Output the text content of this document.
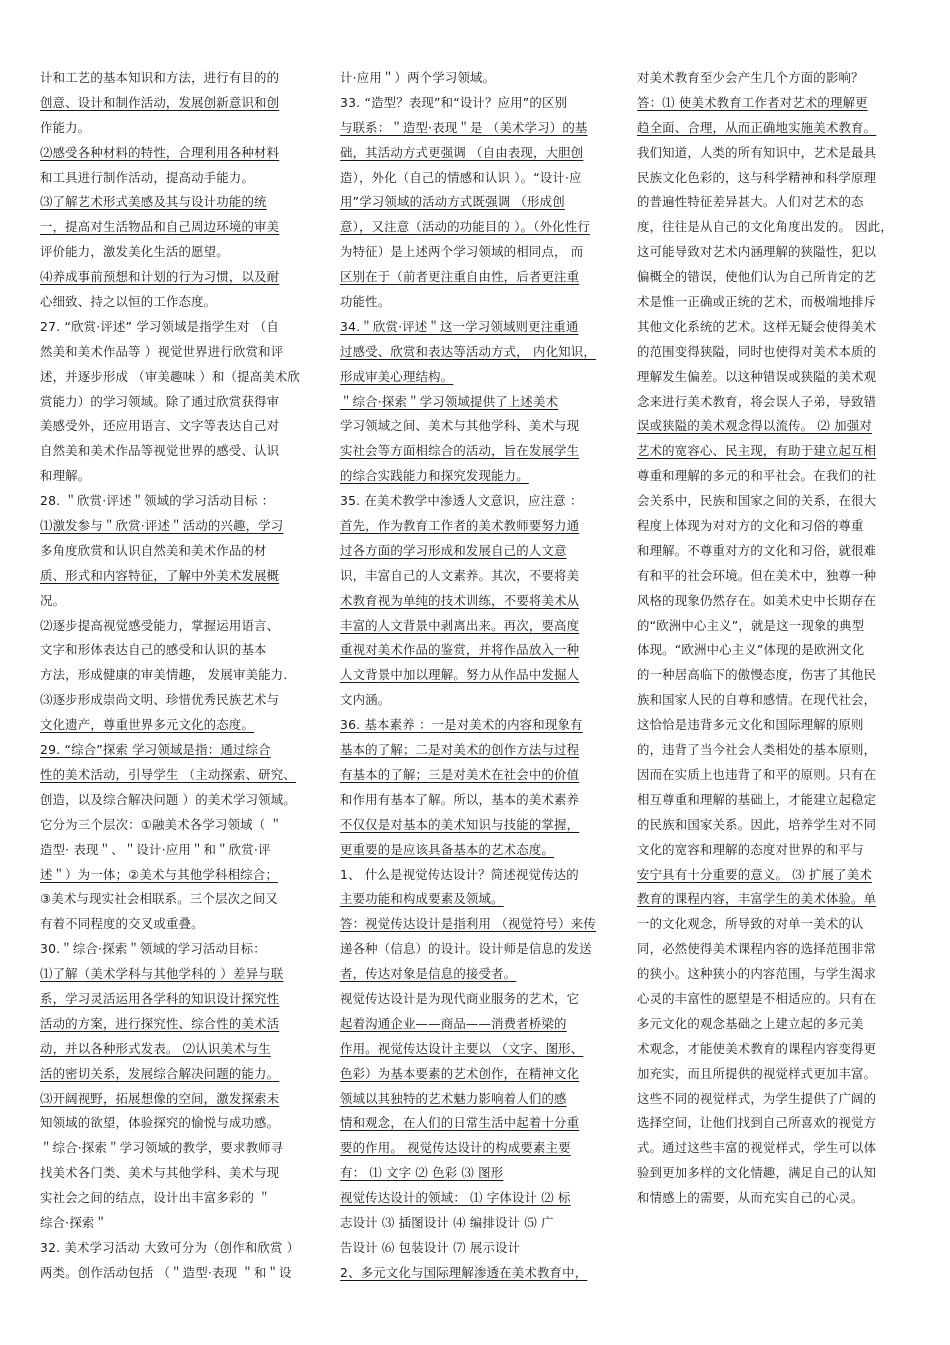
计和工艺的基本知识和方法，进行有目的的
创意、设计和制作活动，发展创新意识和创
作能力。
⑵感受各种材料的特性，合理利用各种材料
和工具进行制作活动，提高动手能力。
⑶了解艺术形式美感及其与设计功能的统
一，提高对生活物品和自己周边环境的审美
评价能力，激发美化生活的愿望。
⑷养成事前预想和计划的行为习惯，以及耐
心细致、持之以恒的工作态度。
27. “欣赏·评述” 学习领域是指学生对 （自
然美和美术作品等 ）视觉世界进行欣赏和评
述，并逐步形成 （审美趣味 ）和（提高美术欣
赏能力）的学习领域。除了通过欣赏获得审
美感受外，还应用语言、文字等表达自己对
自然美和美术作品等视觉世界的感受、认识
和理解。
28. ＂欣赏·评述＂领域的学习活动目标 ：
⑴激发参与＂欣赏·评述＂活动的兴趣，学习
多角度欣赏和认识自然美和美术作品的材
质、形式和内容特征，了解中外美术发展概
况。
⑵逐步提高视觉感受能力，掌握运用语言、
文字和形体表达自己的感受和认识的基本
方法，形成健康的审美情趣， 发展审美能力．
⑶逐步形成崇尚文明、珍惜优秀民族艺术与
文化遗产，尊重世界多元文化的态度。
29. “综合”探索 学习领域是指：通过综合
性的美术活动，引导学生 （主动探索、研究、
创造，以及综合解决问题 ）的美术学习领域。
它分为三个层次：①融美术各学习领域（ ＂
造型· 表现＂、＂设计·应用＂和＂欣赏·评
述＂）为一体；②美术与其他学科相综合；
③美术与现实社会相联系。三个层次之间又
有着不同程度的交叉或重叠。
30.＂综合·探索＂领域的学习活动目标：
⑴了解（美术学科与其他学科的 ）差异与联
系，学习灵活运用各学科的知识设计探究性
活动的方案，进行探究性、综合性的美术活
动，并以各种形式发表。 ⑵认识美术与生
活的密切关系，发展综合解决问题的能力。
⑶开阔视野，拓展想像的空间，激发探索未
知领域的欲望，体验探究的愉悦与成功感。
＂综合·探索＂学习领域的教学，要求教师寻
找美术各门类、美术与其他学科、美术与现
实社会之间的结点，设计出丰富多彩的 ＂
综合·探索＂
32. 美术学习活动 大致可分为（创作和欣赏 ）
两类。创作活动包括 （＂造型·表现 ＂和＂设
计·应用＂）两个学习领域。
33. “造型？表现”和“设计？应用”的区别
与联系：＂造型·表现＂是 （美术学习）的基
础，其活动方式更强调 （自由表现，大胆创
造），外化（自己的情感和认识 ）。“设计·应
用”学习领域的活动方式既强调 （形成创
意），又注意（活动的功能目的 ）。（外化性行
为特征）是上述两个学习领域的相同点， 而
区别在于（前者更注重自由性，后者更注重
功能性。
34.＂欣赏·评述＂这一学习领域则更注重通
过感受、欣赏和表达等活动方式， 内化知识，
形成审美心理结构。
＂综合·探索＂学习领域提供了上述美术
学习领域之间、美术与其他学科、美术与现
实社会等方面相综合的活动，旨在发展学生
的综合实践能力和探究发现能力。
35. 在美术教学中渗透人文意识，应注意 ：
首先，作为教育工作者的美术教师要努力通
过各方面的学习形成和发展自己的人文意
识，丰富自己的人文素养。其次，不要将美
术教育视为单纯的技术训练，不要将美术从
丰富的人文背景中剥离出来。再次，要高度
重视对美术作品的鉴赏，并将作品放入一种
人文背景中加以理解。努力从作品中发掘人
文内涵。
36. 基本素养 ：一是对美术的内容和现象有
基本的了解；二是对美术的创作方法与过程
有基本的了解；三是对美术在社会中的价值
和作用有基本了解。所以，基本的美术素养
不仅仅是对基本的美术知识与技能的掌握，
更重要的是应该具备基本的艺术态度。
1、 什么是视觉传达设计？简述视觉传达的
主要功能和构成要素及领域。
答：视觉传达设计是指利用 （视觉符号）来传
递各种（信息）的设计。设计师是信息的发送
者，传达对象是信息的接受者。
视觉传达设计是为现代商业服务的艺术，它
起着沟通企业——商品——消费者桥梁的
作用。视觉传达设计主要以 （文字、图形、
色彩）为基本要素的艺术创作，在精神文化
领域以其独特的艺术魅力影响着人们的感
情和观念，在人们的日常生活中起着十分重
要的作用。 视觉传达设计的构成要素主要
有： ⑴ 文字 ⑵ 色彩 ⑶ 图形
视觉传达设计的领域： ⑴ 字体设计 ⑵ 标
志设计 ⑶ 插图设计 ⑷ 编排设计 ⑸ 广
告设计 ⑹ 包装设计 ⑺ 展示设计
2、多元文化与国际理解渗透在美术教育中，
对美术教育至少会产生几个方面的影响？
答：⑴ 使美术教育工作者对艺术的理解更
趋全面、合理，从而正确地实施美术教育。
我们知道，人类的所有知识中，艺术是最具
民族文化色彩的，这与科学精神和科学原理
的普遍性特征差异甚大。人们对艺术的态
度，往往是从自己的文化角度出发的。 因此，
这可能导致对艺术内涵理解的狭隘性，犯以
偏概全的错误，使他们认为自己所肯定的艺
术是惟一正确或正统的艺术，而极端地排斥
其他文化系统的艺术。这样无疑会使得美术
的范围变得狭隘，同时也使得对美术本质的
理解发生偏差。以这种错误或狭隘的美术观
念来进行美术教育，将会误人子弟，导致错
误或狭隘的美术观念得以流传。 ⑵ 加强对
艺术的宽容心、民主现，有助于建立起互相
尊重和理解的多元的和平社会。在我们的社
会关系中，民族和国家之间的关系，在很大
程度上体现为对对方的文化和习俗的尊重
和理解。不尊重对方的文化和习俗，就很难
有和平的社会环境。但在美术中，独尊一种
风格的现象仍然存在。如美术史中长期存在
的“欧洲中心主义”，就是这一现象的典型
体现。“欧洲中心主义”体现的是欧洲文化
的一种居高临下的傲慢态度，伤害了其他民
族和国家人民的自尊和感情。在现代社会，
这恰恰是违背多元文化和国际理解的原则
的，违背了当今社会人类相处的基本原则，
因而在实质上也违背了和平的原则。只有在
相互尊重和理解的基础上，才能建立起稳定
的民族和国家关系。因此，培养学生对不同
文化的宽容和理解的态度对世界的和平与
安宁具有十分重要的意义。 ⑶ 扩展了美术
教育的课程内容，丰富学生的美术体验。单
一的文化观念，所导致的对单一美术的认
同，必然使得美术课程内容的选择范围非常
的狭小。这种狭小的内容范围，与学生渴求
心灵的丰富性的愿望是不相适应的。只有在
多元文化的观念基础之上建立起的多元美
术观念，才能使美术教育的课程内容变得更
加充实，而且所提供的视觉样式更加丰富。
这些不同的视觉样式，为学生提供了广阔的
选择空间，让他们找到自己所喜欢的视觉方
式。通过这些丰富的视觉样式，学生可以体
验到更加多样的文化情趣，满足自己的认知
和情感上的需要，从而充实自己的心灵。
